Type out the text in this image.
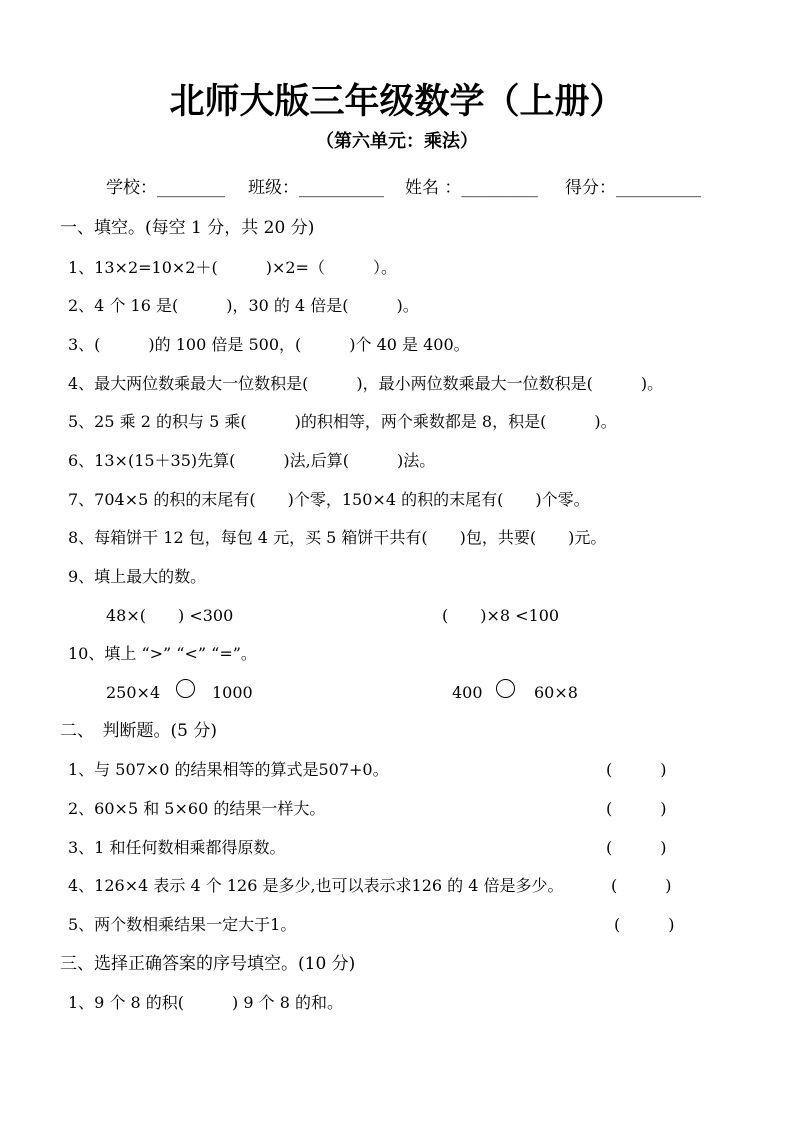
北师大版三年级数学（上册）
（第六单元：乘法）
学校：________ 班级：__________ 姓名 ：_________ 得分：__________
一、填空。(每空 1 分，共 20 分)
1、13×2=10×2＋(　　　)×2=（　　　）。
2、4 个 16 是(　　　)，30 的 4 倍是(　　　)。
3、(　　　)的 100 倍是 500，(　　　)个 40 是 400。
4、最大两位数乘最大一位数积是(　　　)，最小两位数乘最大一位数积是(　　　)。
5、25 乘 2 的积与 5 乘(　　　)的积相等，两个乘数都是 8，积是(　　　)。
6、13×(15＋35)先算(　　　)法,后算(　　　)法。
7、704×5 的积的末尾有(　　)个零，150×4 的积的末尾有(　　)个零。
8、每箱饼干 12 包，每包 4 元，买 5 箱饼干共有(　　)包，共要(　　)元。
9、填上最大的数。
48×(　　) <300	(　　)×8 <100
10、填上 “>” “<” “=”。
250×4	1000	400	60×8
二、　判断题。(5 分)
1、与 507×0 的结果相等的算式是507+0。	(　　　)
2、60×5 和 5×60 的结果一样大。	(　　　)
3、1 和任何数相乘都得原数。	(　　　)
4、126×4 表示 4 个 126 是多少,也可以表示求126 的 4 倍是多少。	(　　　)
5、两个数相乘结果一定大于1。	(　　　)
三、选择正确答案的序号填空。(10 分)
1、9 个 8 的积(　　　) 9 个 8 的和。
